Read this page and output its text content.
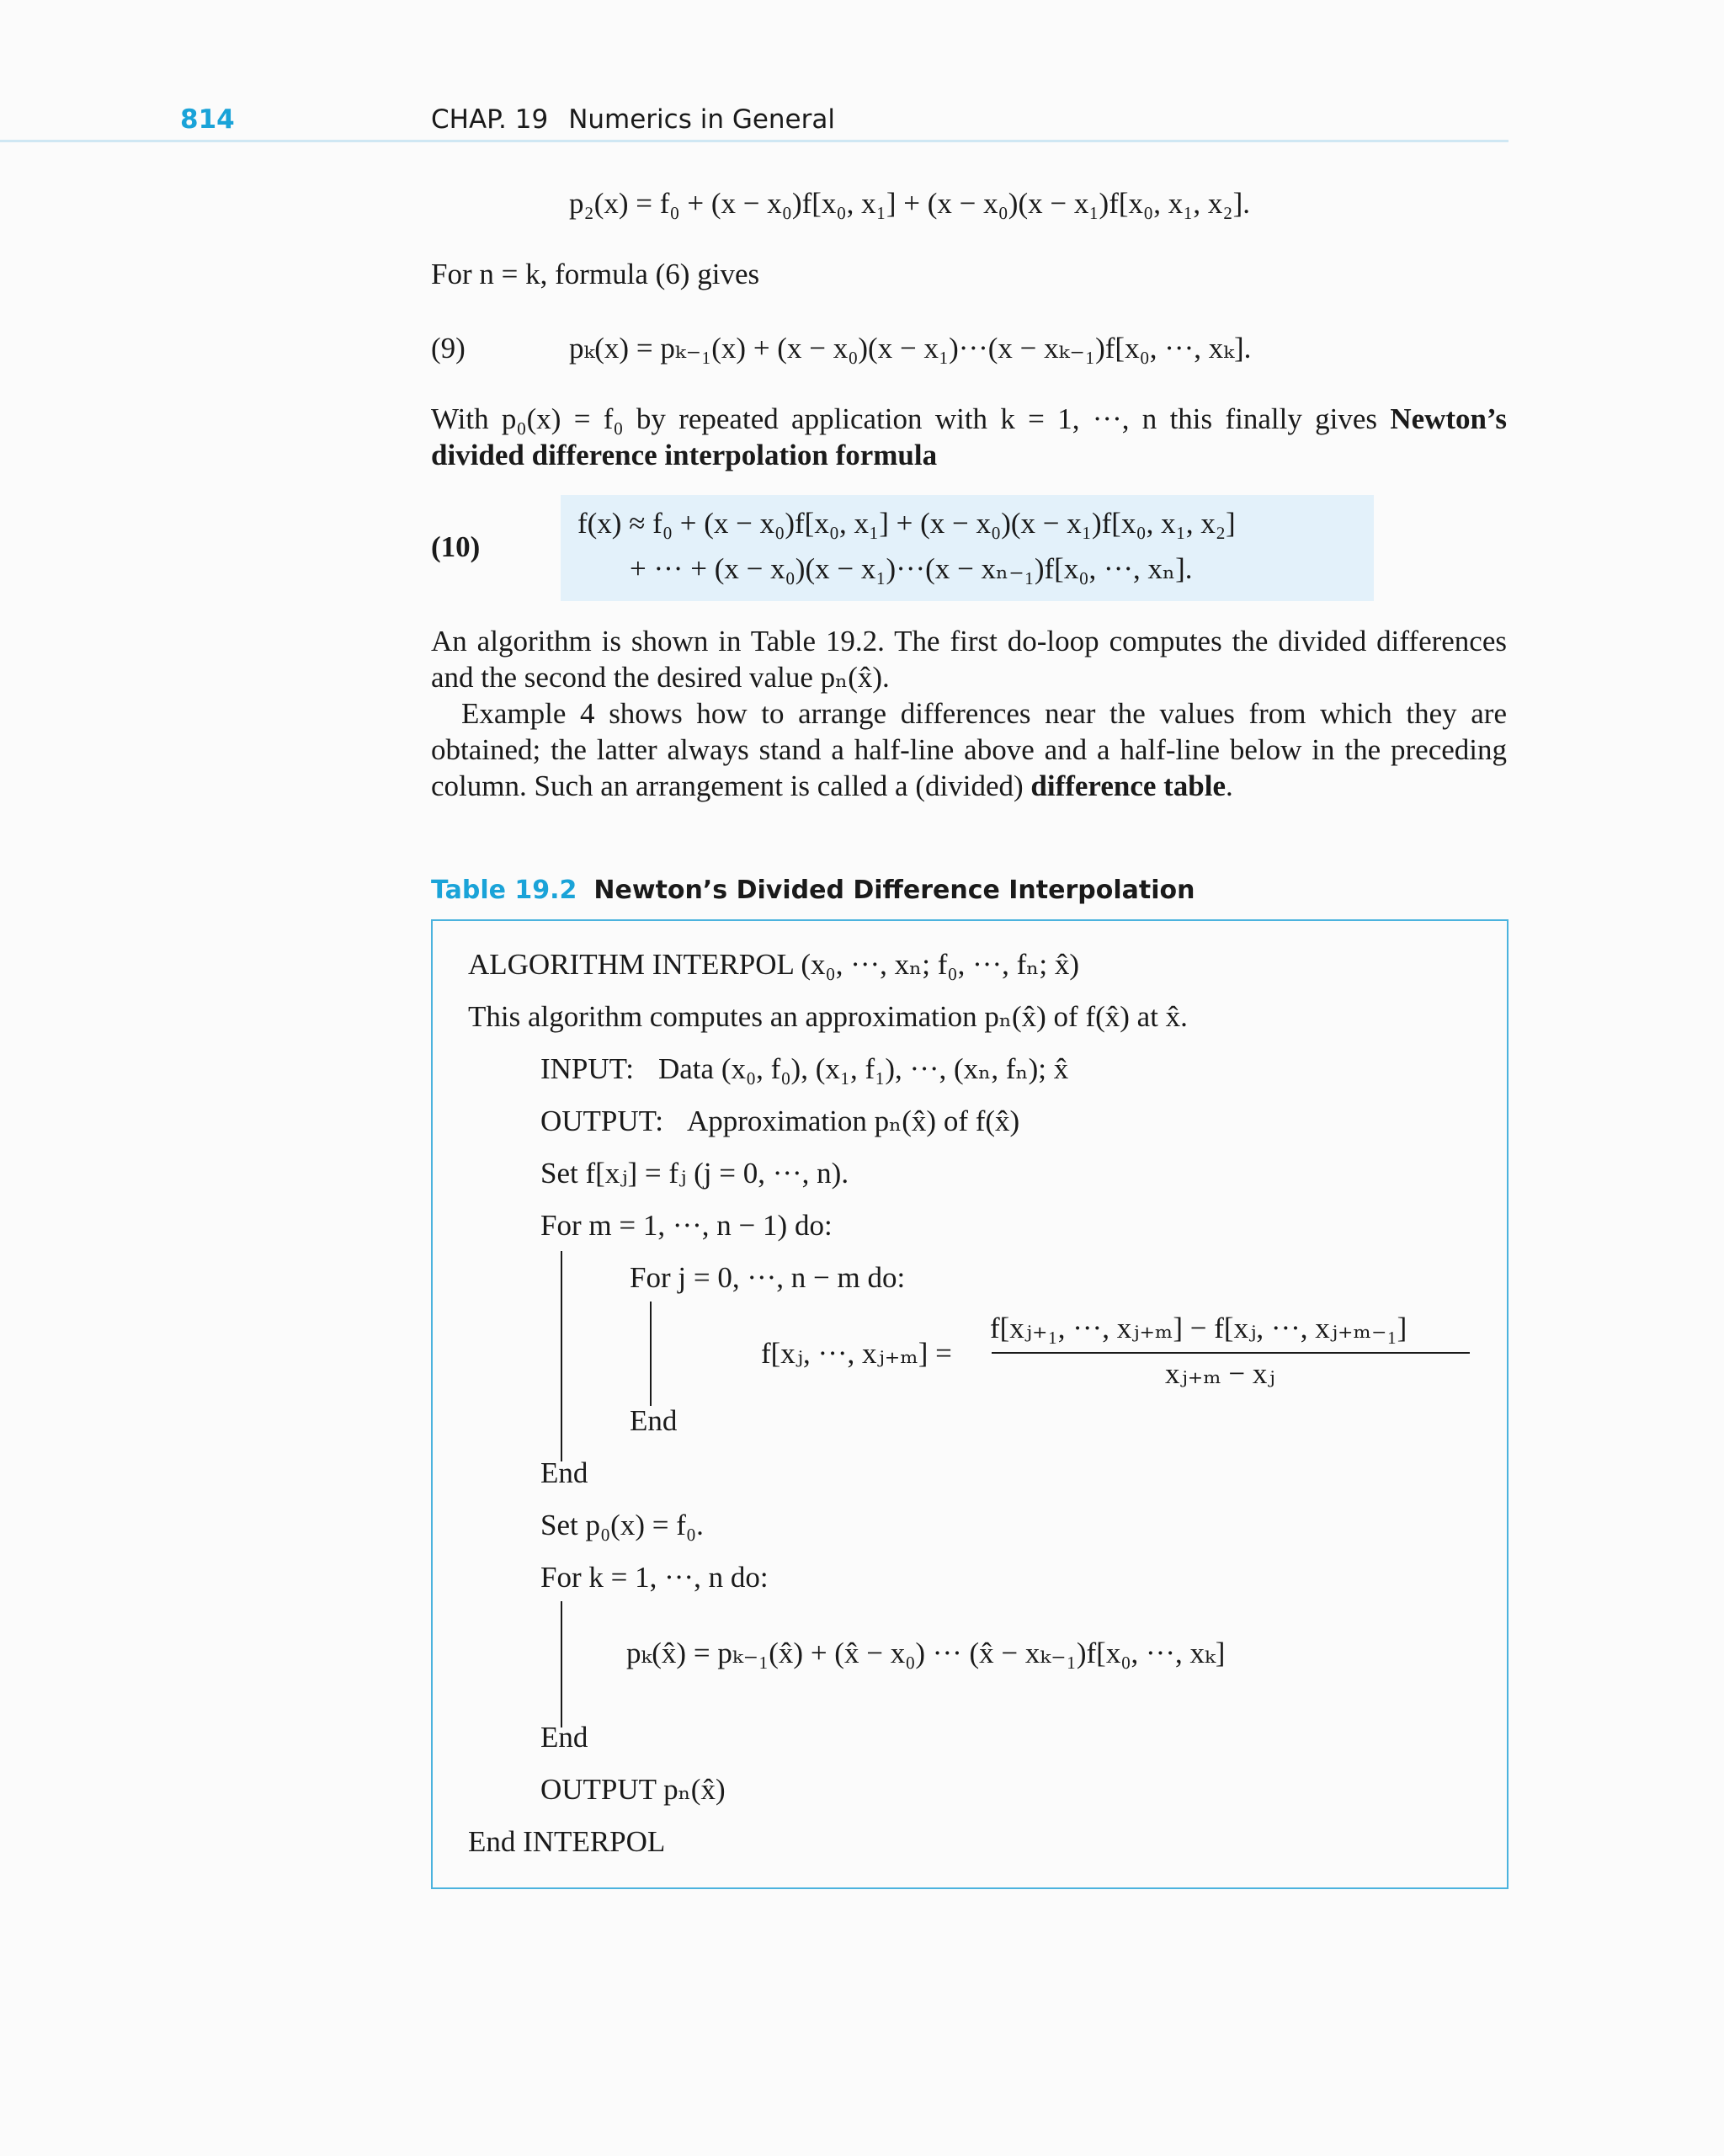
814	CHAP. 19 Numerics in General
p₂(x) = f₀ + (x − x₀)f[x₀, x₁] + (x − x₀)(x − x₁)f[x₀, x₁, x₂].
For n = k, formula (6) gives
(9)	pₖ(x) = pₖ₋₁(x) + (x − x₀)(x − x₁)···(x − xₖ₋₁)f[x₀, ···, xₖ].
With p₀(x) = f₀ by repeated application with k = 1, ···, n this finally gives Newton’s divided difference interpolation formula
(10)
f(x) ≈ f₀ + (x − x₀)f[x₀, x₁] + (x − x₀)(x − x₁)f[x₀, x₁, x₂]
+ ··· + (x − x₀)(x − x₁)···(x − xₙ₋₁)f[x₀, ···, xₙ].
An algorithm is shown in Table 19.2. The first do-loop computes the divided differences and the second the desired value pₙ(x̂).
Example 4 shows how to arrange differences near the values from which they are obtained; the latter always stand a half-line above and a half-line below in the preceding column. Such an arrangement is called a (divided) difference table.
Table 19.2 Newton’s Divided Difference Interpolation
ALGORITHM INTERPOL (x₀, ···, xₙ; f₀, ···, fₙ; x̂)
This algorithm computes an approximation pₙ(x̂) of f(x̂) at x̂.
INPUT: Data (x₀, f₀), (x₁, f₁), ···, (xₙ, fₙ); x̂
OUTPUT: Approximation pₙ(x̂) of f(x̂)
Set f[xⱼ] = fⱼ (j = 0, ···, n).
For m = 1, ···, n − 1) do:
For j = 0, ···, n − m do:
f[xⱼ, ···, xⱼ₊ₘ] =
f[xⱼ₊₁, ···, xⱼ₊ₘ] − f[xⱼ, ···, xⱼ₊ₘ₋₁]
xⱼ₊ₘ − xⱼ
End
End
Set p₀(x) = f₀.
For k = 1, ···, n do:
pₖ(x̂) = pₖ₋₁(x̂) + (x̂ − x₀) ··· (x̂ − xₖ₋₁)f[x₀, ···, xₖ]
End
OUTPUT pₙ(x̂)
End INTERPOL
